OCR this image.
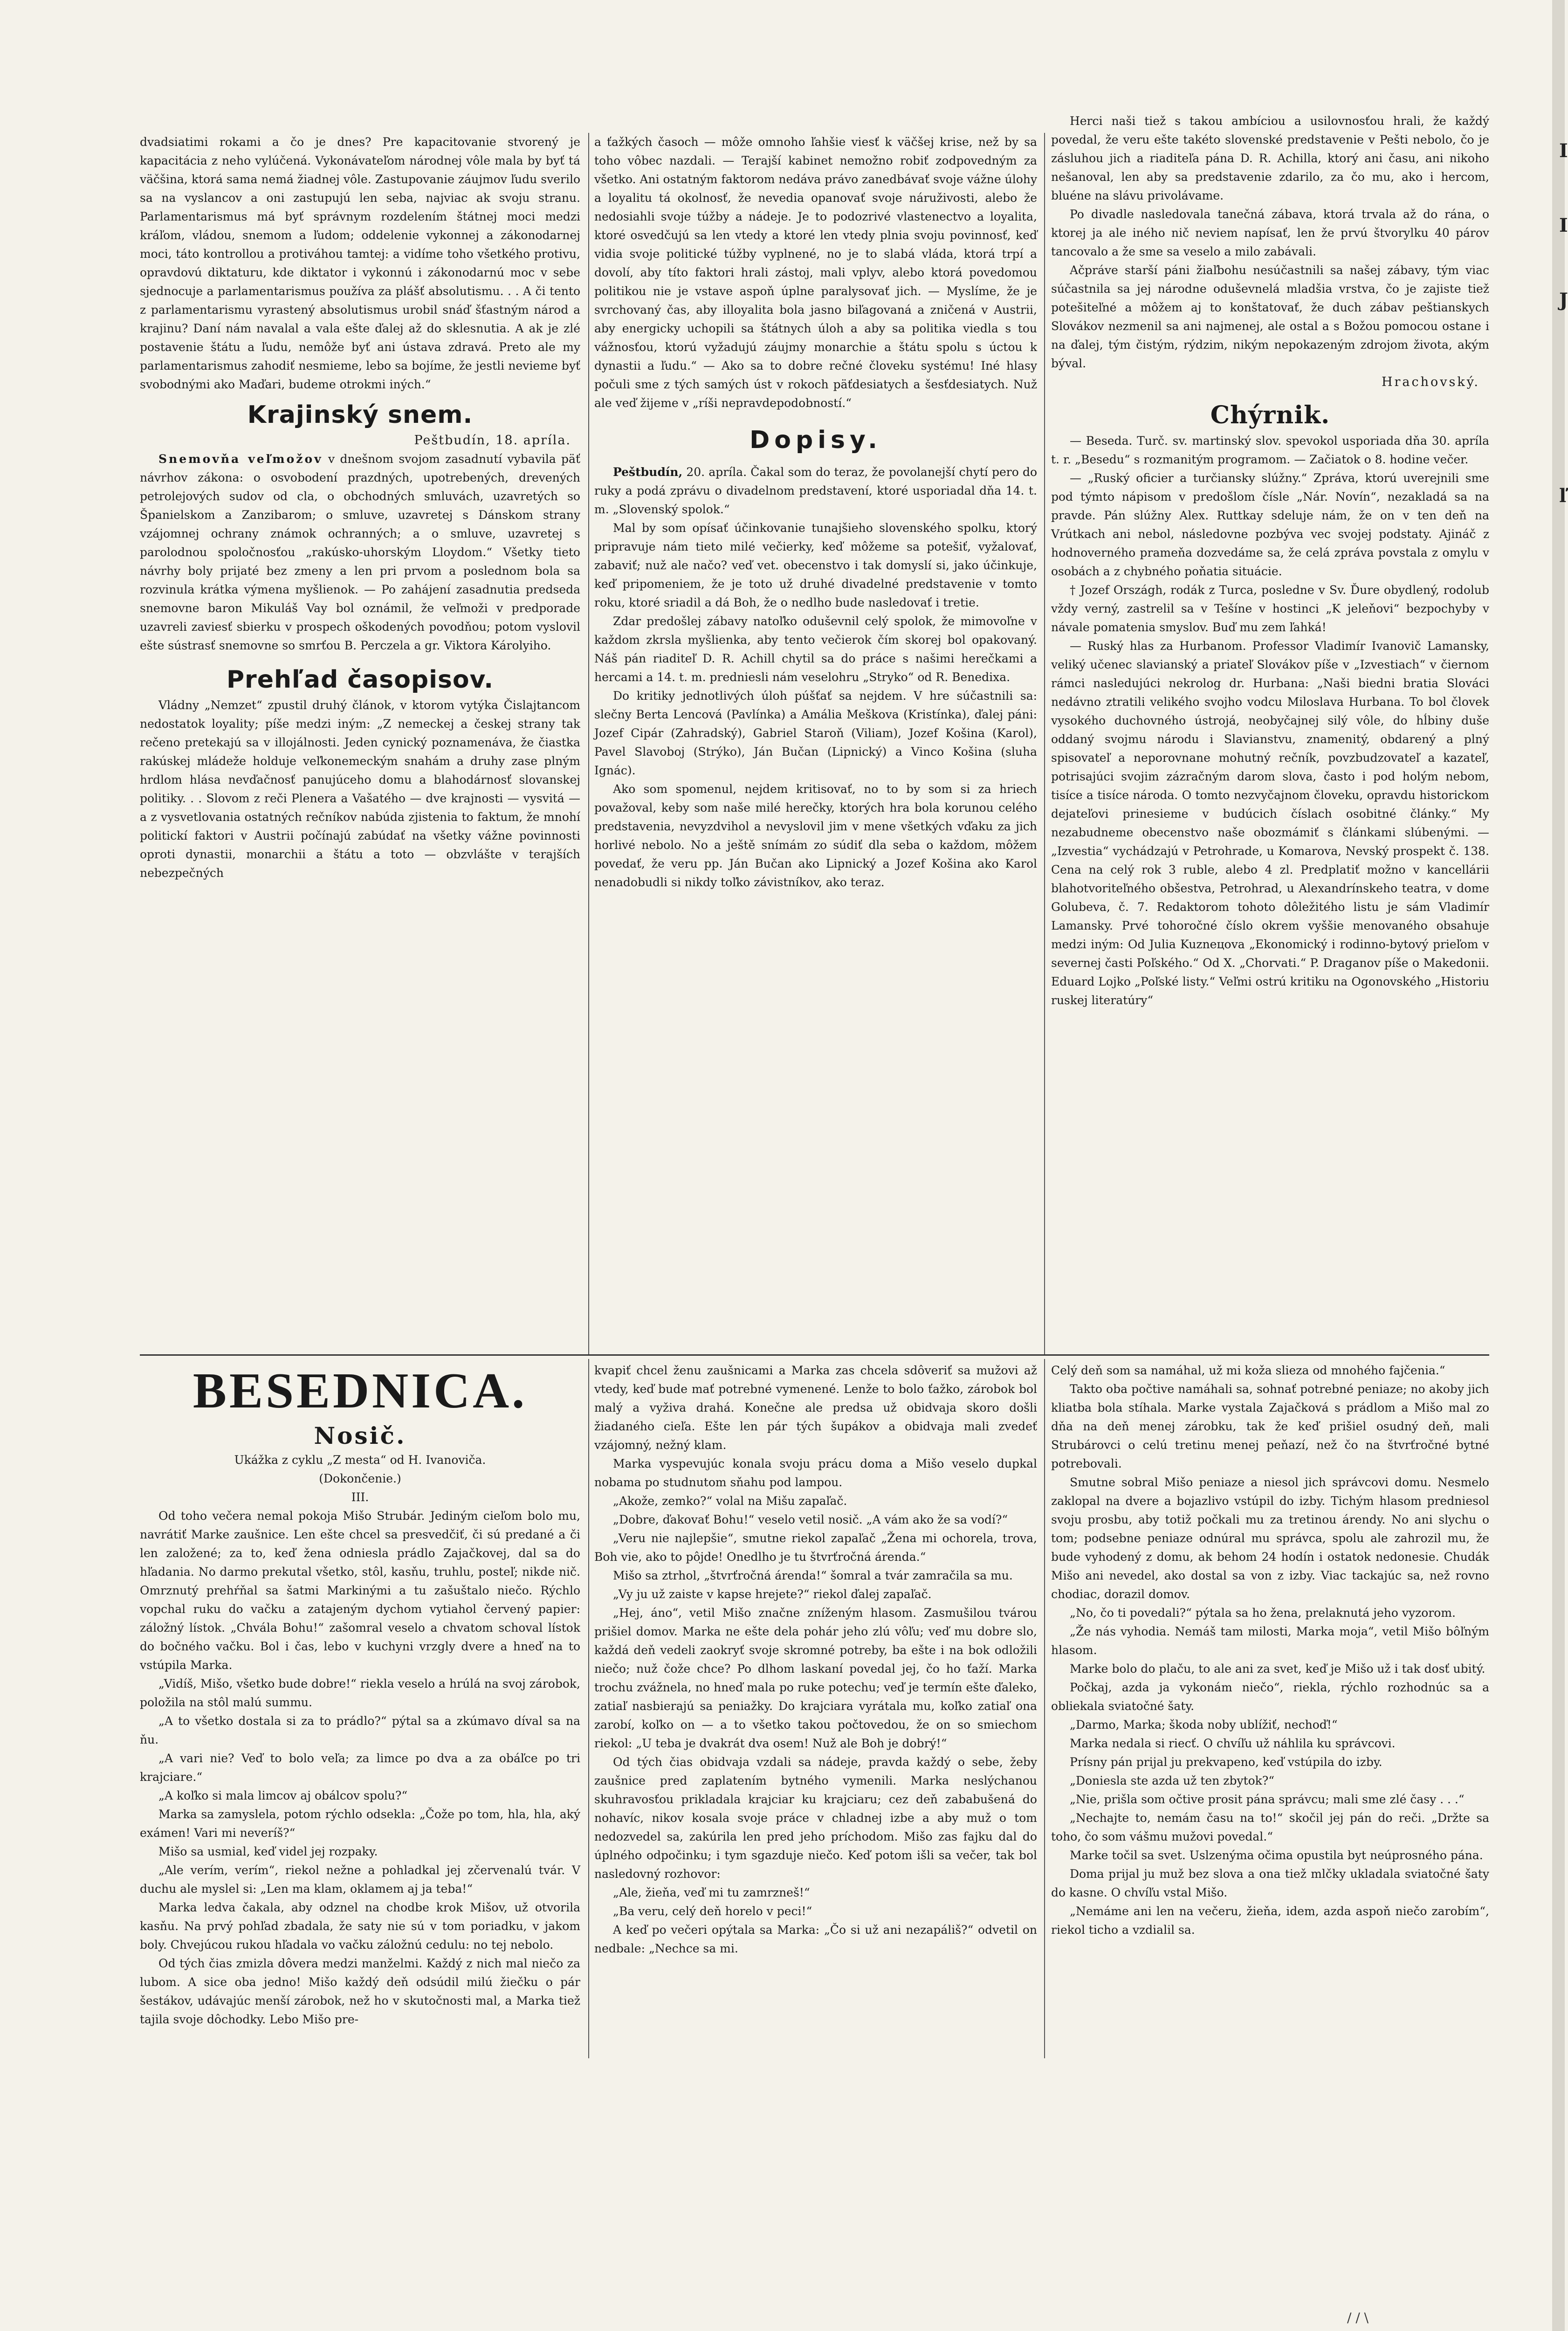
dvadsiatimi rokami a čo je dnes? Pre kapacitovanie stvorený je kapacitácia z neho vylúčená. Vykonávateľom národnej vôle mala by byť tá väčšina, ktorá sama nemá žiadnej vôle. Zastupovanie záujmov ľudu sverilo sa na vyslancov a oni zastupujú len seba, najviac ak svoju stranu. Parlamentarismus má byť správnym rozdelením štátnej moci medzi kráľom, vládou, snemom a ľudom; oddelenie vykonnej a zákonodarnej moci, táto kontrollou a protiváhou tamtej: a vidíme toho všetkého protivu, opravdovú diktaturu, kde diktator i vykonnú i zákonodarnú moc v sebe sjednocuje a parlamentarismus používa za plášť absolutismu. . . A či tento z parlamentarismu vyrastený absolutismus urobil snáď šťastným národ a krajinu? Daní nám navalal a vala ešte ďalej až do sklesnutia. A ak je zlé postavenie štátu a ľudu, nemôže byť ani ústava zdravá. Preto ale my parlamentarismus zahodiť nesmieme, lebo sa bojíme, že jestli nevieme byť svobodnými ako Maďari, budeme otrokmi iných.“

Krajinský snem.
Peštbudín, 18. apríla.

Snemovňa veľmožov v dnešnom svojom zasadnutí vybavila päť návrhov zákona: o osvobodení prazdných, upotrebených, drevených petrolejových sudov od cla, o obchodných smluvách, uzavretých so Španielskom a Zanzibarom; o smluve, uzavretej s Dánskom strany vzájomnej ochrany známok ochranných; a o smluve, uzavretej s parolodnou spoločnosťou „rakúsko-uhorským Lloydom.“ Všetky tieto návrhy boly prijaté bez zmeny a len pri prvom a poslednom bola sa rozvinula krátka výmena myšlienok. — Po zahájení zasadnutia predseda snemovne baron Mikuláš Vay bol oznámil, že veľmoži v predporade uzavreli zaviesť sbierku v prospech oškodených povodňou; potom vyslovil ešte sústrasť snemovne so smrťou B. Perczela a gr. Viktora Károlyiho.

Prehľad časopisov.

Vládny „Nemzet“ zpustil druhý článok, v ktorom vytýka Čislajtancom nedostatok loyality; píše medzi iným: „Z nemeckej a českej strany tak rečeno pretekajú sa v illojálnosti. Jeden cynický poznamenáva, že čiastka rakúskej mládeže holduje veľkonemeckým snahám a druhy zase plným hrdlom hlása nevďačnosť panujúceho domu a blahodárnosť slovanskej politiky. . . Slovom z reči Plenera a Vašatého — dve krajnosti — vysvitá — a z vysvetlovania ostatných rečníkov nabúda zjistenia to faktum, že mnohí politickí faktori v Austrii počínajú zabúdať na všetky vážne povinnosti oproti dynastii, monarchii a štátu a toto — obzvlášte v terajších nebezpečných

a ťažkých časoch — môže omnoho ľahšie viesť k väčšej krise, než by sa toho vôbec nazdali. — Terajší kabinet nemožno robiť zodpovedným za všetko. Ani ostatným faktorom nedáva právo zanedbávať svoje vážne úlohy a loyalitu tá okolnosť, že nevedia opanovať svoje náruživosti, alebo že nedosiahli svoje túžby a nádeje. Je to podozrivé vlastenectvo a loyalita, ktoré osvedčujú sa len vtedy a ktoré len vtedy plnia svoju povinnosť, keď vidia svoje politické túžby vyplnené, no je to slabá vláda, ktorá trpí a dovolí, aby títo faktori hrali zástoj, mali vplyv, alebo ktorá povedomou politikou nie je vstave aspoň úplne paralysovať jich. — Myslíme, že je svrchovaný čas, aby illoyalita bola jasno biľagovaná a zničená v Austrii, aby energicky uchopili sa štátnych úloh a aby sa politika viedla s tou vážnosťou, ktorú vyžadujú záujmy monarchie a štátu spolu s úctou k dynastii a ľudu.“ — Ako sa to dobre rečné človeku systému! Iné hlasy počuli sme z tých samých úst v rokoch päťdesiatych a šesťdesiatych. Nuž ale veď žijeme v „ríši nepravdepodobností.“

Dopisy.

Peštbudín, 20. apríla. Čakal som do teraz, že povolanejší chytí pero do ruky a podá zprávu o divadelnom predstavení, ktoré usporiadal dňa 14. t. m. „Slovenský spolok.“

Mal by som opísať účinkovanie tunajšieho slovenského spolku, ktorý pripravuje nám tieto milé večierky, keď môžeme sa potešiť, vyžalovať, zabaviť; nuž ale načo? veď vet. obecenstvo i tak domyslí si, jako účinkuje, keď pripomeniem, že je toto už druhé divadelné predstavenie v tomto roku, ktoré sriadil a dá Boh, že o nedlho bude nasledovať i tretie.

Zdar predošlej zábavy natoľko oduševnil celý spolok, že mimovoľne v každom zkrsla myšlienka, aby tento večierok čím skorej bol opakovaný. Náš pán riaditeľ D. R. Achill chytil sa do práce s našimi herečkami a hercami a 14. t. m. predniesli nám veselohru „Stryko“ od R. Benedixa.

Do kritiky jednotlivých úloh púšťať sa nejdem. V hre súčastnili sa: slečny Berta Lencová (Pavlínka) a Amália Meškova (Kristínka), ďalej páni: Jozef Cipár (Zahradský), Gabriel Staroň (Viliam), Jozef Košina (Karol), Pavel Slavoboj (Strýko), Ján Bučan (Lipnický) a Vinco Košina (sluha Ignác).

Ako som spomenul, nejdem kritisovať, no to by som si za hriech považoval, keby som naše milé herečky, ktorých hra bola korunou celého predstavenia, nevyzdvihol a nevyslovil jim v mene všetkých vďaku za jich horlivé nebolo. No a ještě snímám zo súdiť dla seba o každom, môžem povedať, že veru pp. Ján Bučan ako Lipnický a Jozef Košina ako Karol nenadobudli si nikdy toľko závistníkov, ako teraz.

Herci naši tiež s takou ambíciou a usilovnosťou hrali, že každý povedal, že veru ešte takéto slovenské predstavenie v Pešti nebolo, čo je zásluhou jich a riaditeľa pána D. R. Achilla, ktorý ani času, ani nikoho nešanoval, len aby sa predstavenie zdarilo, za čo mu, ako i hercom, bluéne na slávu privolávame.

Po divadle nasledovala tanečná zábava, ktorá trvala až do rána, o ktorej ja ale iného nič neviem napísať, len že prvú štvorylku 40 párov tancovalo a že sme sa veselo a milo zabávali.

Ačprávе starší páni žiaľbohu nesúčastnili sa našej zábavy, tým viac súčastnila sa jej národne oduševnelá mladšia vrstva, čo je zajiste tiež potešiteľné a môžem aj to konštatovať, že duch zábav peštianskych Slovákov nezmenil sa ani najmenej, ale ostal a s Božou pomocou ostane i na ďalej, tým čistým, rýdzim, nikým nepokazeným zdrojom života, akým býval.

Hrachovský.
Chýrnik.

— Beseda. Turč. sv. martinský slov. spevokol usporiada dňa 30. apríla t. r. „Besedu“ s rozmanitým programom. — Začiatok o 8. hodine večer.

— „Ruský oficier a turčiansky slúžny.“ Zpráva, ktorú uverejnili sme pod týmto nápisom v predošlom čísle „Nár. Novín“, nezakladá sa na pravde. Pán slúžny Alex. Ruttkay sdeluje nám, že on v ten deň na Vrútkach ani nebol, následovne pozbýva vec svojej podstaty. Ajináč z hodnoverného prameňa dozvedáme sa, že celá zpráva povstala z omylu v osobách a z chybného poňatia situácie.

† Jozef Országh, rodák z Turca, posledne v Sv. Ďure obydlený, rodolub vždy verný, zastrelil sa v Tešíne v hostinci „K jeleňovi“ bezpochyby v návale pomatenia smyslov. Buď mu zem ľahká!

— Ruský hlas za Hurbanom. Professor Vladimír Ivanovič Lamansky, veliký učenec slavianský a priateľ Slovákov píše v „Izvestiach“ v čiernom rámci nasledujúci nekrolog dr. Hurbana: „Naši biedni bratia Slováci nedávno ztratili velikého svojho vodcu Miloslava Hurbana. To bol človek vysokého duchovného ústrojá, neobyčajnej silý vôle, do hĺbiny duše oddaný svojmu národu i Slavianstvu, znamenitý, obdarený a plný spisovateľ a neporovnane mohutný rečník, povzbudzovateľ a kazateľ, potrisajúci svojim zázračným darom slova, často i pod holým nebom, tisíce a tisíce národa. O tomto nezvyčajnom človeku, opravdu historickom dejateľovi prinesieme v budúcich číslach osobitné články.“ My nezabudneme obecenstvo naše obozmámiť s článkami slúbenými. — „Izvestia“ vychádzajú v Petrohrade, u Komarova, Nevský prospekt č. 138. Cena na celý rok 3 ruble, alebo 4 zl. Predplatiť možno v kancellárii blahotvoriteľného obšestva, Petrohrad, u Alexandrínskeho teatra, v dome Golubeva, č. 7. Redaktorom tohoto dôležitého listu je sám Vladimír Lamansky. Prvé tohoročné číslo okrem vyššie menovaného obsahuje medzi iným: Od Julia Kuzneцova „Ekonomický i rodinno-bytový prieľom v severnej časti Poľského.“ Od X. „Chorvati.“ P. Draganov píše o Makedonii. Eduard Lojko „Poľské listy.“ Veľmi ostrú kritiku na Ogonovského „Historiu ruskej literatúry“

BESEDNICA.
Nosič.

Ukážka z cyklu „Z mesta“ od H. Ivanoviča.

(Dokončenie.)

III.

Od toho večera nemal pokoja Mišo Strubár. Jediným cieľom bolo mu, navrátiť Marke zaušnice. Len ešte chcel sa presvedčiť, či sú predané a či len založené; za to, keď žena odniesla prádlo Zajačkovej, dal sa do hľadania. No darmo prekutal všetko, stôl, kasňu, truhlu, posteľ; nikde nič. Omrznutý prehŕňal sa šatmi Markinými a tu zašuštalo niečo. Rýchlo vopchal ruku do vačku a zatajeným dychom vytiahol červený papier: záložný lístok. „Chvála Bohu!“ zašomral veselo a chvatom schoval lístok do bočného vačku. Bol i čas, lebo v kuchyni vrzgly dvere a hneď na to vstúpila Marka.

„Vidíš, Mišo, všetko bude dobre!“ riekla veselo a hrúlá na svoj zárobok, položila na stôl malú summu.

„A to všetko dostala si za to prádlo?“ pýtal sa a zkúmavo díval sa na ňu.

„A vari nie? Veď to bolo veľa; za limce po dva a za obáľce po tri krajciare.“

„A koľko si mala limcov aj obálcov spolu?“

Marka sa zamyslela, potom rýchlo odsekla: „Čože po tom, hla, hla, aký exámen! Vari mi neveríš?“

Mišo sa usmial, keď videl jej rozpaky.

„Ale verím, verím“, riekol nežne a pohladkal jej zčervenalú tvár. V duchu ale myslel si: „Len ma klam, oklamem aj ja teba!“

Marka ledva čakala, aby odznel na chodbe krok Mišov, už otvorila kasňu. Na prvý pohľad zbadala, že saty nie sú v tom poriadku, v jakom boly. Chvejúcou rukou hľadala vo vačku záložnú cedulu: no tej nebolo.

Od tých čias zmizla dôvera medzi manželmi. Každý z nich mal niečo za lubom. A sice oba jedno! Mišo každý deň odsúdil milú žiečku o pár šestákov, udávajúc menší zárobok, než ho v skutočnosti mal, a Marka tiež tajila svoje dôchodky. Lebo Mišo pre-

kvapiť chcel ženu zaušnicami a Marka zas chcela sdôveriť sa mužovi až vtedy, keď bude mať potrebné vymenené. Lenže to bolo ťažko, zárobok bol malý a vyživa drahá. Konečne ale predsa už obidvaja skoro došli žiadaného cieľa. Ešte len pár tých šupákov a obidvaja mali zvedeť vzájomný, nežný klam.

Marka vyspevujúc konala svoju prácu doma a Mišo veselo dupkal nobama po studnutom sňahu pod lampou.

„Akože, zemko?“ volal na Mišu zapaľač.

„Dobre, ďakovať Bohu!“ veselo vetil nosič. „A vám ako že sa vodí?“

„Veru nie najlepšie“, smutne riekol zapaľač „Žena mi ochorela, trova, Boh vie, ako to pôjde! Onedlho je tu štvrťročná árenda.“

Mišo sa ztrhol, „štvrťročná árenda!“ šomral a tvár zamračila sa mu.

„Vy ju už zaiste v kapse hrejete?“ riekol ďalej zapaľač.

„Hej, áno“, vetil Mišo značne zníženým hlasom. Zasmušilou tvárou prišiel domov. Marka ne ešte dela pohár jeho zlú vôľu; veď mu dobre slo, každá deň vedeli zaokryť svoje skromné potreby, ba ešte i na bok odložili niečo; nuž čože chce? Po dlhom laskaní povedal jej, čo ho ťaží. Marka trochu zvážnela, no hneď mala po ruke potechu; veď je termín ešte ďaleko, zatiaľ nasbierajú sa peniažky. Do krajciara vyrátala mu, koľko zatiaľ ona zarobí, koľko on — a to všetko takou počtovedou, že on so smiechom riekol: „U teba je dvakrát dva osem! Nuž ale Boh je dobrý!“

Od tých čias obidvaja vzdali sa nádeje, pravda každý o sebe, žeby zaušnice pred zaplatením bytného vymenili. Marka neslýchanou skuhravosťou prikladala krajciar ku krajciaru; cez deň zababušená do nohavíc, nikov kosala svoje práce v chladnej izbe a aby muž o tom nedozvedel sa, zakúrila len pred jeho príchodom. Mišo zas fajku dal do úplného odpočinku; i tym sgazduje niečo. Keď potom išli sa večer, tak bol nasledovný rozhovor:

„Ale, žieňa, veď mi tu zamrzneš!“

„Ba veru, celý deň horelo v peci!“

A keď po večeri opýtala sa Marka: „Čo si už ani nezapáliš?“ odvetil on nedbale: „Nechce sa mi.

Celý deň som sa namáhal, už mi koža slieza od mnohého fajčenia.“

Takto oba počtive namáhali sa, sohnať potrebné peniaze; no akoby jich kliatba bola stíhala. Marke vystala Zajačková s prádlom a Mišo mal zo dňa na deň menej zárobku, tak že keď prišiel osudný deň, mali Strubárovci o celú tretinu menej peňazí, než čo na štvrťročné bytné potrebovali.

Smutne sobral Mišo peniaze a niesol jich správcovi domu. Nesmelo zaklopal na dvere a bojazlivo vstúpil do izby. Tichým hlasom predniesol svoju prosbu, aby totiž počkali mu za tretinou árendy. No ani slychu o tom; podsebne peniaze odnúral mu správca, spolu ale zahrozil mu, že bude vyhodený z domu, ak behom 24 hodín i ostatok nedonesie. Chudák Mišo ani nevedel, ako dostal sa von z izby. Viac tackajúc sa, než rovno chodiac, dorazil domov.

„No, čo ti povedali?“ pýtala sa ho žena, prelaknutá jeho vyzorom.

„Že nás vyhodia. Nemáš tam milosti, Marka moja“, vetil Mišo bôľným hlasom.

Marke bolo do plaču, to ale ani za svet, keď je Mišo už i tak dosť ubitý.

Počkaj, azda ja vykonám niečo“, riekla, rýchlo rozhodnúc sa a obliekala sviatočné šaty.

„Darmo, Marka; škoda noby ublížiť, nechoď!“

Marka nedala si riecť. O chvíľu už náhlila ku správcovi.

Prísny pán prijal ju prekvapeno, keď vstúpila do izby.

„Doniesla ste azda už ten zbytok?“

„Nie, prišla som očtive prosit pána správcu; mali sme zlé časy . . .“

„Nechajte to, nemám času na to!“ skočil jej pán do reči. „Držte sa toho, čo som vášmu mužovi povedal.“

Marke točil sa svet. Uslzenýma očima opustila byt neúprosného pána.

Doma prijal ju muž bez slova a ona tiež mlčky ukladala sviatočné šaty do kasne. O chvíľu vstal Mišo.

„Nemáme ani len na večeru, žieňa, idem, azda aspoň niečo zarobím“, riekol ticho a vzdialil sa.

I
I
J
ľ
/ / \
